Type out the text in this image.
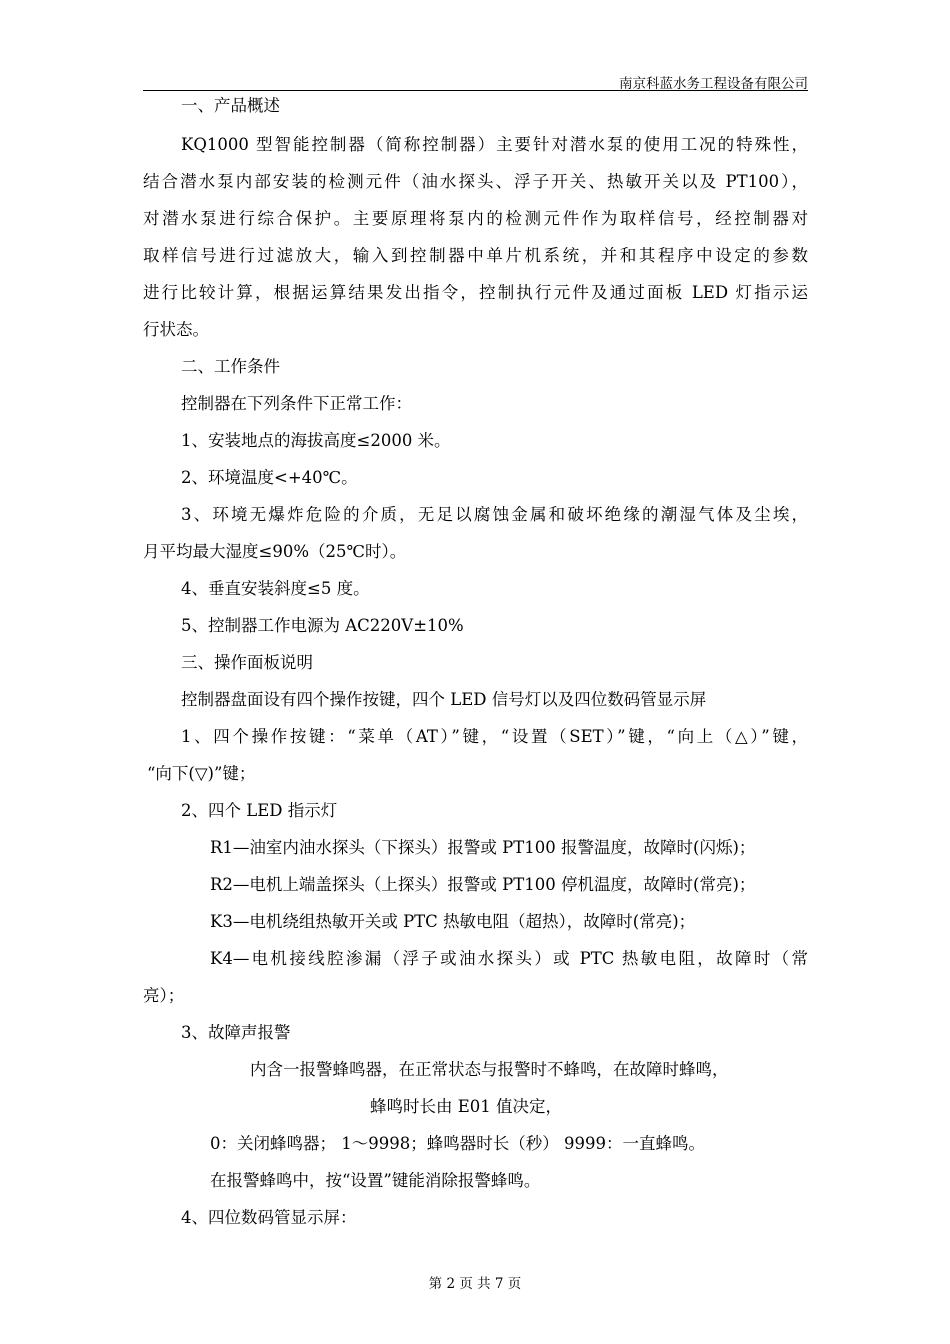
南京科蓝水务工程设备有限公司
一、产品概述
KQ1000 型智能控制器（简称控制器）主要针对潜水泵的使用工况的特殊性，
结合潜水泵内部安装的检测元件（油水探头、浮子开关、热敏开关以及 PT100），
对潜水泵进行综合保护。主要原理将泵内的检测元件作为取样信号，经控制器对
取样信号进行过滤放大，输入到控制器中单片机系统，并和其程序中设定的参数
进行比较计算，根据运算结果发出指令，控制执行元件及通过面板 LED 灯指示运
行状态。
二、工作条件
控制器在下列条件下正常工作：
1、安装地点的海拔高度≤2000 米。
2、环境温度<+40℃。
3、环境无爆炸危险的介质，无足以腐蚀金属和破坏绝缘的潮湿气体及尘埃，
月平均最大湿度≤90%（25℃时）。
4、垂直安装斜度≤5 度。
5、控制器工作电源为 AC220V±10%
三、操作面板说明
控制器盘面设有四个操作按键，四个 LED 信号灯以及四位数码管显示屏
1、四个操作按键：“菜单（AT）”键，“设置（SET）”键，“向上（△）”键，
“向下(▽)”键；
2、四个 LED 指示灯
R1—油室内油水探头（下探头）报警或 PT100 报警温度，故障时(闪烁)；
R2—电机上端盖探头（上探头）报警或 PT100 停机温度，故障时(常亮)；
K3—电机绕组热敏开关或 PTC 热敏电阻（超热），故障时(常亮)；
K4—电机接线腔渗漏（浮子或油水探头）或 PTC 热敏电阻，故障时（常
亮）；
3、故障声报警
内含一报警蜂鸣器，在正常状态与报警时不蜂鸣，在故障时蜂鸣，
蜂鸣时长由 E01 值决定，
0：关闭蜂鸣器； 1～9998；蜂鸣器时长（秒） 9999：一直蜂鸣。
在报警蜂鸣中，按“设置”键能消除报警蜂鸣。
4、四位数码管显示屏：
第 2 页 共 7 页
